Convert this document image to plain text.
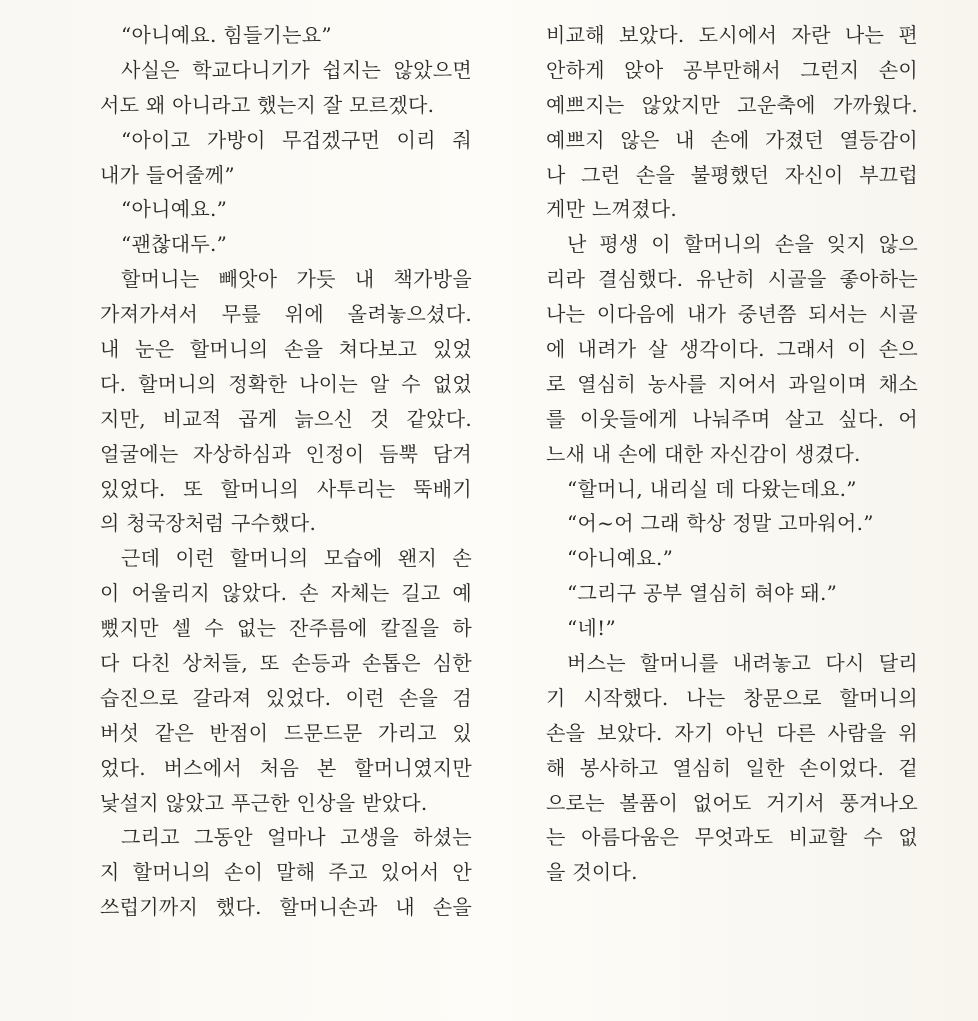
“아니예요. 힘들기는요”
사실은 학교다니기가 쉽지는 않았으면
서도 왜 아니라고 했는지 잘 모르겠다.
“아이고 가방이 무겁겠구먼 이리 줘
내가 들어줄께”
“아니예요.”
“괜찮대두.”
할머니는 빼앗아 가듯 내 책가방을
가져가셔서 무릎 위에 올려놓으셨다.
내 눈은 할머니의 손을 쳐다보고 있었
다. 할머니의 정확한 나이는 알 수 없었
지만, 비교적 곱게 늙으신 것 같았다.
얼굴에는 자상하심과 인정이 듬뿍 담겨
있었다. 또 할머니의 사투리는 뚝배기
의 청국장처럼 구수했다.
근데 이런 할머니의 모습에 왠지 손
이 어울리지 않았다. 손 자체는 길고 예
뻤지만 셀 수 없는 잔주름에 칼질을 하
다 다친 상처들, 또 손등과 손톱은 심한
습진으로 갈라져 있었다. 이런 손을 검
버섯 같은 반점이 드문드문 가리고 있
었다. 버스에서 처음 본 할머니였지만
낯설지 않았고 푸근한 인상을 받았다.
그리고 그동안 얼마나 고생을 하셨는
지 할머니의 손이 말해 주고 있어서 안
쓰럽기까지 했다. 할머니손과 내 손을
비교해 보았다. 도시에서 자란 나는 편
안하게 앉아 공부만해서 그런지 손이
예쁘지는 않았지만 고운축에 가까웠다.
예쁘지 않은 내 손에 가졌던 열등감이
나 그런 손을 불평했던 자신이 부끄럽
게만 느껴졌다.
난 평생 이 할머니의 손을 잊지 않으
리라 결심했다. 유난히 시골을 좋아하는
나는 이다음에 내가 중년쯤 되서는 시골
에 내려가 살 생각이다. 그래서 이 손으
로 열심히 농사를 지어서 과일이며 채소
를 이웃들에게 나눠주며 살고 싶다. 어
느새 내 손에 대한 자신감이 생겼다.
“할머니, 내리실 데 다왔는데요.”
“어~어 그래 학상 정말 고마워어.”
“아니예요.”
“그리구 공부 열심히 혀야 돼.”
“네!”
버스는 할머니를 내려놓고 다시 달리
기 시작했다. 나는 창문으로 할머니의
손을 보았다. 자기 아닌 다른 사람을 위
해 봉사하고 열심히 일한 손이었다. 겉
으로는 볼품이 없어도 거기서 풍겨나오
는 아름다움은 무엇과도 비교할 수 없
을 것이다.
